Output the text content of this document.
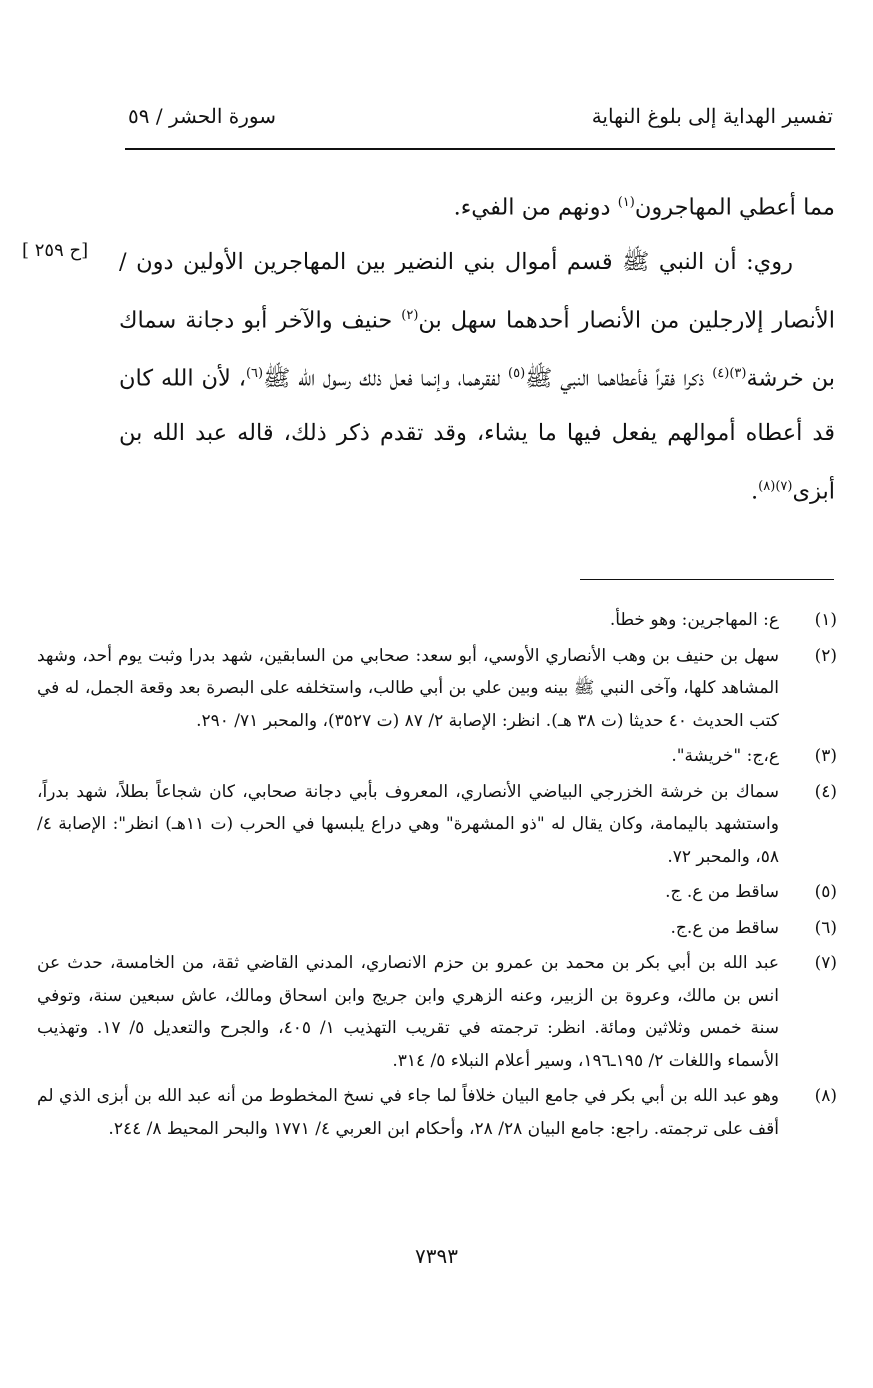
تفسير الهداية إلى بلوغ النهاية
سورة الحشر / ٥٩
[ح ٢٥٩ ]

مما أعطي المهاجرون$^{(١)}$ دونهم من الفيء.

روي: أن النبي ﷺ قسم أموال بني النضير بين المهاجرين الأولين دون / الأنصار إلارجلين من الأنصار أحدهما سهل بن$^{(٢)}$ حنيف والآخر أبو دجانة سماك بن خرشة$^{(٣)(٤)}$ ذكرا فقراً فأعطاهما النبي ﷺ$^{(٥)}$ لفقرهما، وإنما فعل ذلك رسول الله ﷺ$^{(٦)}$، لأن الله كان قد أعطاه أموالهم يفعل فيها ما يشاء، وقد تقدم ذكر ذلك، قاله عبد الله بن أبزى$^{(٧)(٨)}$.

(١)
ع: المهاجرين: وهو خطأ.
(٢)
سهل بن حنيف بن وهب الأنصاري الأوسي، أبو سعد: صحابي من السابقين، شهد بدرا وثبت يوم أحد، وشهد المشاهد كلها، وآخى النبي ﷺ بينه وبين علي بن أبي طالب، واستخلفه على البصرة بعد وقعة الجمل، له في كتب الحديث ٤٠ حديثا (ت ٣٨ هـ). انظر: الإصابة ٢/ ٨٧ (ت ٣٥٢٧)، والمحبر ٧١/ ٢٩٠.
(٣)
ع،ج: "خريشة".
(٤)
سماك بن خرشة الخزرجي البياضي الأنصاري، المعروف بأبي دجانة صحابي، كان شجاعاً بطلاً، شهد بدراً، واستشهد باليمامة، وكان يقال له "ذو المشهرة" وهي دراع يلبسها في الحرب (ت ١١هـ) انظر": الإصابة ٤/ ٥٨، والمحبر ٧٢.
(٥)
ساقط من ع. ج.
(٦)
ساقط من ع.ج.
(٧)
عبد الله بن أبي بكر بن محمد بن عمرو بن حزم الانصاري، المدني القاضي ثقة، من الخامسة، حدث عن انس بن مالك، وعروة بن الزبير، وعنه الزهري وابن جريج وابن اسحاق ومالك، عاش سبعين سنة، وتوفي سنة خمس وثلاثين ومائة. انظر: ترجمته في تقريب التهذيب ١/ ٤٠٥، والجرح والتعديل ٥/ ١٧. وتهذيب الأسماء واللغات ٢/ ١٩٥ـ١٩٦، وسير أعلام النبلاء ٥/ ٣١٤.
(٨)
وهو عبد الله بن أبي بكر في جامع البيان خلافاً لما جاء في نسخ المخطوط من أنه عبد الله بن أبزى الذي لم أقف على ترجمته. راجع: جامع البيان ٢٨/ ٢٨، وأحكام ابن العربي ٤/ ١٧٧١ والبحر المحيط ٨/ ٢٤٤.
٧٣٩٣
